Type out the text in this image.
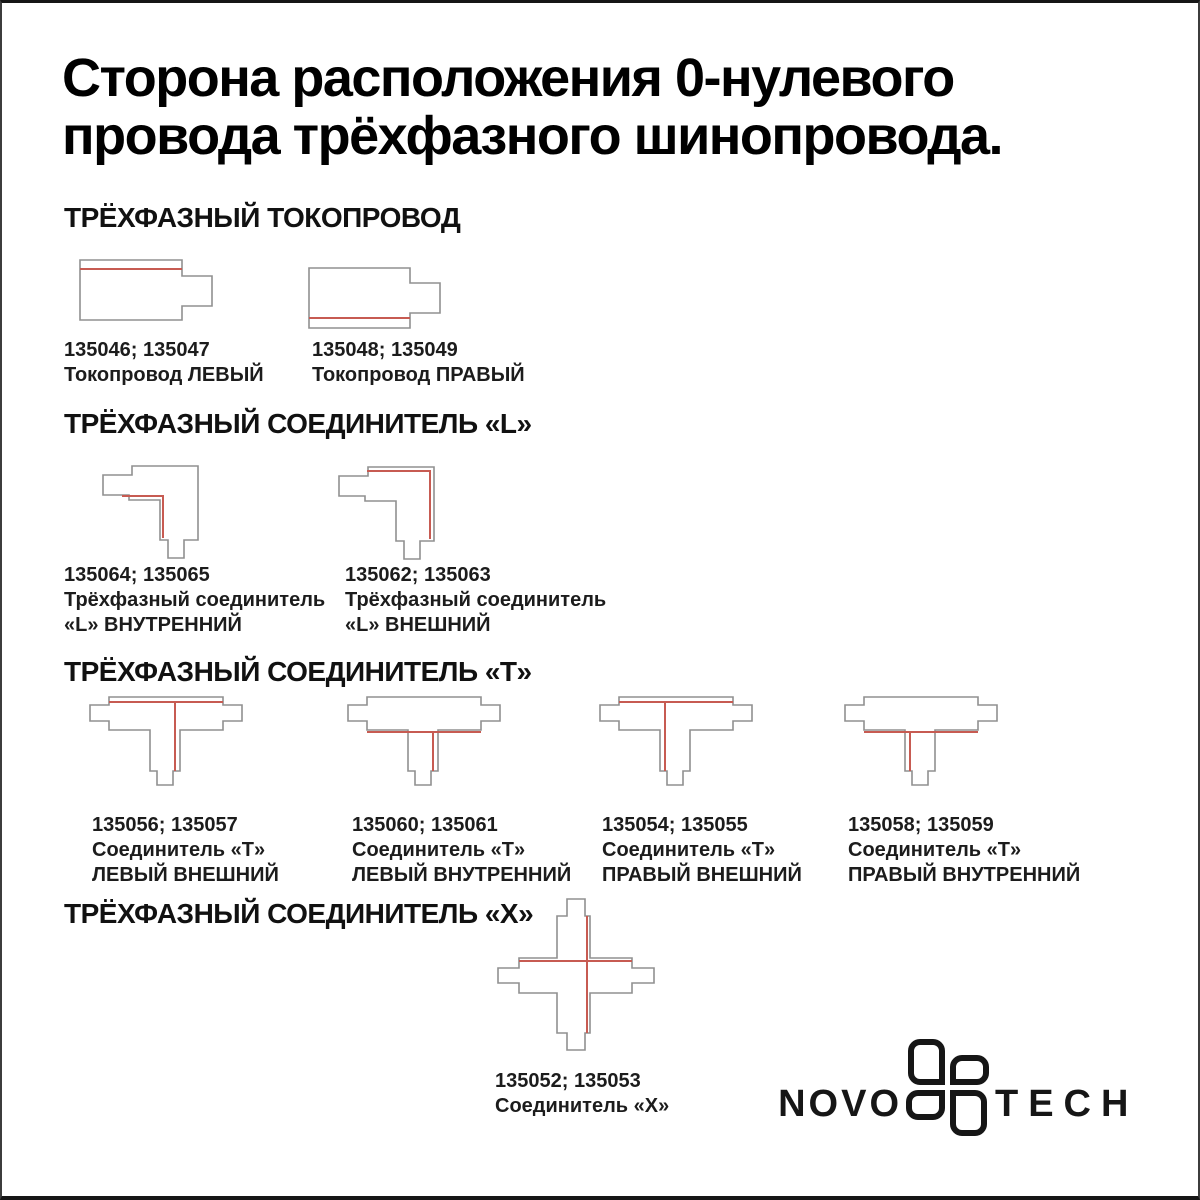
Сторона расположения 0-нулевого
провода трёхфазного шинопровода.
ТРЁХФАЗНЫЙ ТОКОПРОВОД
ТРЁХФАЗНЫЙ СОЕДИНИТЕЛЬ «L»
ТРЁХФАЗНЫЙ СОЕДИНИТЕЛЬ «Т»
ТРЁХФАЗНЫЙ СОЕДИНИТЕЛЬ «Х»
135046; 135047
Токопровод ЛЕВЫЙ
135048; 135049
Токопровод ПРАВЫЙ
135064; 135065
Трёхфазный соединитель
«L» ВНУТРЕННИЙ
135062; 135063
Трёхфазный соединитель
«L» ВНЕШНИЙ
135056; 135057
Соединитель «Т»
ЛЕВЫЙ ВНЕШНИЙ
135060; 135061
Соединитель «Т»
ЛЕВЫЙ ВНУТРЕННИЙ
135054; 135055
Соединитель «Т»
ПРАВЫЙ ВНЕШНИЙ
135058; 135059
Соединитель «Т»
ПРАВЫЙ ВНУТРЕННИЙ
135052; 135053
Соединитель «Х»	NOVO TECH
